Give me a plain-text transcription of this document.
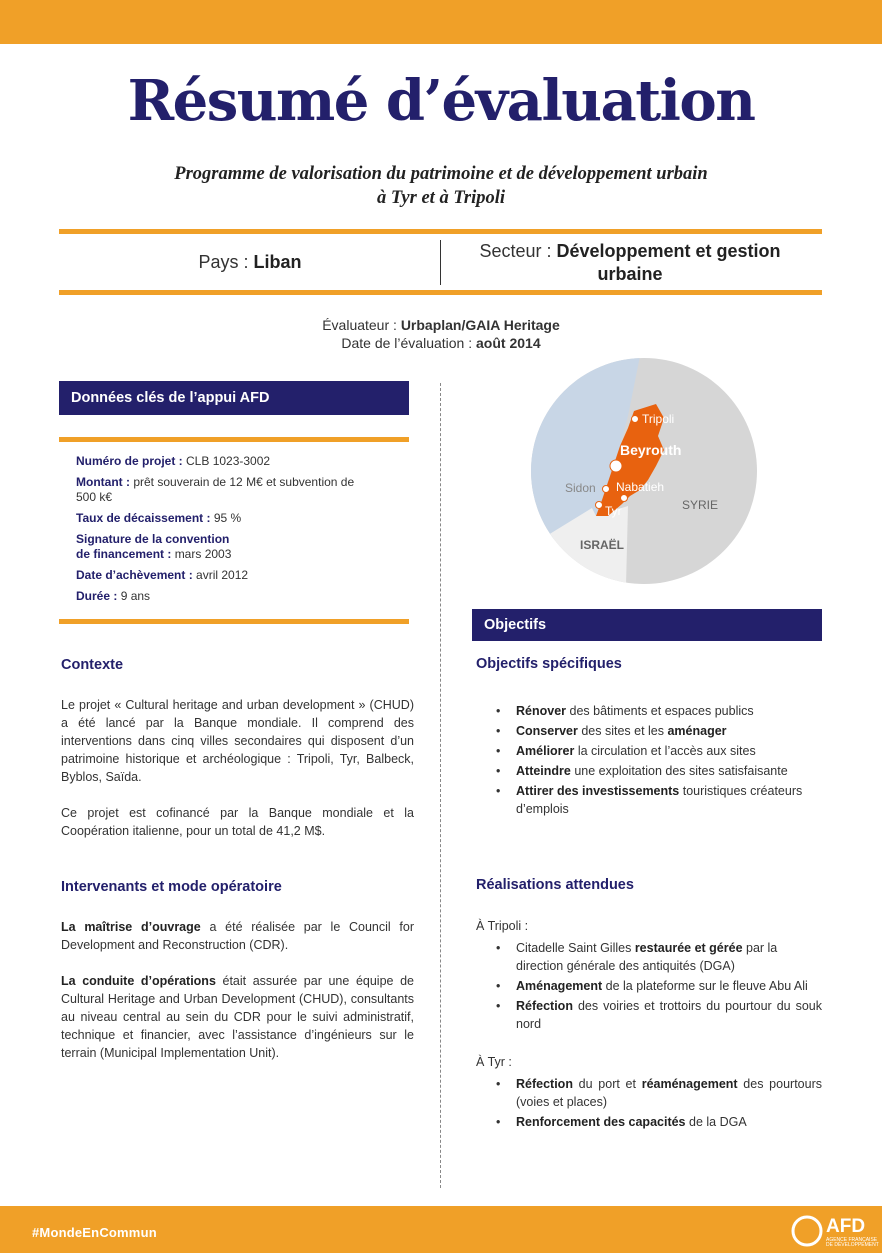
Résumé d’évaluation
Programme de valorisation du patrimoine et de développement urbain
à Tyr et à Tripoli
Pays : Liban
Secteur : Développement et gestion urbaine
Évaluateur : Urbaplan/GAIA Heritage
Date de l’évaluation : août 2014
Données clés de l’appui AFD
Numéro de projet : CLB 1023-3002
Montant : prêt souverain de 12 M€ et subvention de 500 k€
Taux de décaissement : 95 %
Signature de la convention
de financement : mars 2003
Date d’achèvement : avril 2012
Durée : 9 ans
Contexte

Le projet « Cultural heritage and urban development » (CHUD) a été lancé par la Banque mondiale. Il comprend des interventions dans cinq villes secondaires qui disposent d’un patrimoine historique et archéologique : Tripoli, Tyr, Balbeck, Byblos, Saïda.

Ce projet est cofinancé par la Banque mondiale et la Coopération italienne, pour un total de 41,2 M$.

Intervenants et mode opératoire

La maîtrise d’ouvrage a été réalisée par le Council for Development and Reconstruction (CDR).

La conduite d’opérations était assurée par une équipe de Cultural Heritage and Urban Development (CHUD), consultants au niveau central au sein du CDR pour le suivi administratif, technique et financier, avec l’assistance d’ingénieurs sur le terrain (Municipal Implementation Unit).

Tripoli
Beyrouth
Sidon Nabatieh
Tyr	SYRIE
ISRAËL
Objectifs
Objectifs spécifiques
• Rénover des bâtiments et espaces publics
• Conserver des sites et les aménager
• Améliorer la circulation et l’accès aux sites
• Atteindre une exploitation des sites satisfaisante
• Attirer des investissements touristiques créateurs d’emplois
Réalisations attendues
À Tripoli :
• Citadelle Saint Gilles restaurée et gérée par la direction générale des antiquités (DGA)
• Aménagement de la plateforme sur le fleuve Abu Ali
• Réfection des voiries et trottoirs du pourtour du souk nord
À Tyr :
• Réfection du port et réaménagement des pourtours (voies et places)
• Renforcement des capacités de la DGA
#MondeEnCommun	AFD
AGENCE FRANÇAISE
DE DÉVELOPPEMENT
